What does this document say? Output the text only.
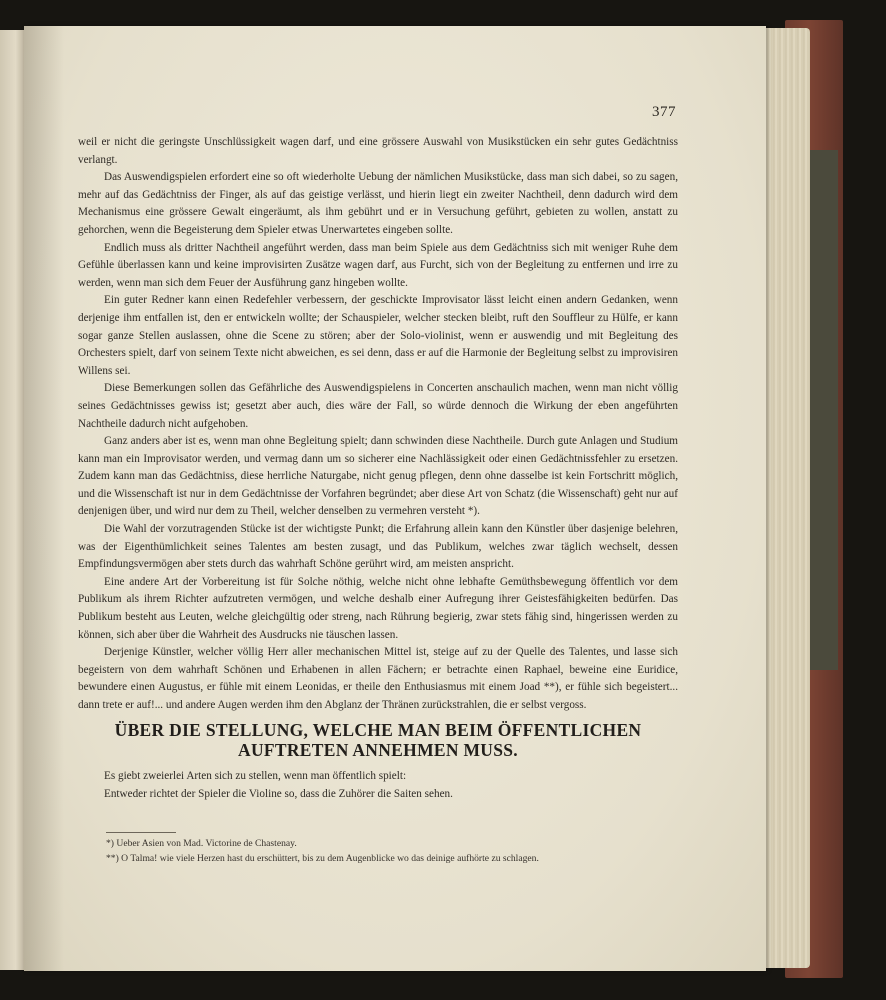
377

weil er nicht die geringste Unschlüssigkeit wagen darf, und eine grössere Auswahl von Musikstücken ein sehr gutes Gedächtniss verlangt.

Das Auswendigspielen erfordert eine so oft wiederholte Uebung der nämlichen Musikstücke, dass man sich dabei, so zu sagen, mehr auf das Gedächtniss der Finger, als auf das geistige verlässt, und hierin liegt ein zweiter Nachtheil, denn dadurch wird dem Mechanismus eine grössere Gewalt eingeräumt, als ihm gebührt und er in Versuchung geführt, gebieten zu wollen, anstatt zu gehorchen, wenn die Begeisterung dem Spieler etwas Unerwartetes eingeben sollte.

Endlich muss als dritter Nachtheil angeführt werden, dass man beim Spiele aus dem Gedächtniss sich mit weniger Ruhe dem Gefühle überlassen kann und keine improvisirten Zusätze wagen darf, aus Furcht, sich von der Begleitung zu entfernen und irre zu werden, wenn man sich dem Feuer der Ausführung ganz hingeben wollte.

Ein guter Redner kann einen Redefehler verbessern, der geschickte Improvisator lässt leicht einen andern Gedanken, wenn derjenige ihm entfallen ist, den er entwickeln wollte; der Schauspieler, welcher stecken bleibt, ruft den Souffleur zu Hülfe, er kann sogar ganze Stellen auslassen, ohne die Scene zu stören; aber der Solo-violinist, wenn er auswendig und mit Begleitung des Orchesters spielt, darf von seinem Texte nicht abweichen, es sei denn, dass er auf die Harmonie der Begleitung selbst zu improvisiren Willens sei.

Diese Bemerkungen sollen das Gefährliche des Auswendigspielens in Concerten anschaulich machen, wenn man nicht völlig seines Gedächtnisses gewiss ist; gesetzt aber auch, dies wäre der Fall, so würde dennoch die Wirkung der eben angeführten Nachtheile dadurch nicht aufgehoben.

Ganz anders aber ist es, wenn man ohne Begleitung spielt; dann schwinden diese Nachtheile. Durch gute Anlagen und Studium kann man ein Improvisator werden, und vermag dann um so sicherer eine Nachlässigkeit oder einen Gedächtnissfehler zu ersetzen. Zudem kann man das Gedächtniss, diese herrliche Naturgabe, nicht genug pflegen, denn ohne dasselbe ist kein Fortschritt möglich, und die Wissenschaft ist nur in dem Gedächtnisse der Vorfahren begründet; aber diese Art von Schatz (die Wissenschaft) geht nur auf denjenigen über, und wird nur dem zu Theil, welcher denselben zu vermehren versteht *).

Die Wahl der vorzutragenden Stücke ist der wichtigste Punkt; die Erfahrung allein kann den Künstler über dasjenige belehren, was der Eigenthümlichkeit seines Talentes am besten zusagt, und das Publikum, welches zwar täglich wechselt, dessen Empfindungsvermögen aber stets durch das wahrhaft Schöne gerührt wird, am meisten anspricht.

Eine andere Art der Vorbereitung ist für Solche nöthig, welche nicht ohne lebhafte Gemüthsbewegung öffentlich vor dem Publikum als ihrem Richter aufzutreten vermögen, und welche deshalb einer Aufregung ihrer Geistesfähigkeiten bedürfen. Das Publikum besteht aus Leuten, welche gleichgültig oder streng, nach Rührung begierig, zwar stets fähig sind, hingerissen werden zu können, sich aber über die Wahrheit des Ausdrucks nie täuschen lassen.

Derjenige Künstler, welcher völlig Herr aller mechanischen Mittel ist, steige auf zu der Quelle des Talentes, und lasse sich begeistern von dem wahrhaft Schönen und Erhabenen in allen Fächern; er betrachte einen Raphael, beweine eine Euridice, bewundere einen Augustus, er fühle mit einem Leonidas, er theile den Enthusiasmus mit einem Joad **), er fühle sich begeistert... dann trete er auf!... und andere Augen werden ihm den Abglanz der Thränen zurückstrahlen, die er selbst vergoss.

ÜBER DIE STELLUNG, WELCHE MAN BEIM ÖFFENTLICHEN AUFTRETEN ANNEHMEN MUSS.

Es giebt zweierlei Arten sich zu stellen, wenn man öffentlich spielt:

Entweder richtet der Spieler die Violine so, dass die Zuhörer die Saiten sehen.

*) Ueber Asien von Mad. Victorine de Chastenay.

**) O Talma! wie viele Herzen hast du erschüttert, bis zu dem Augenblicke wo das deinige aufhörte zu schlagen.
